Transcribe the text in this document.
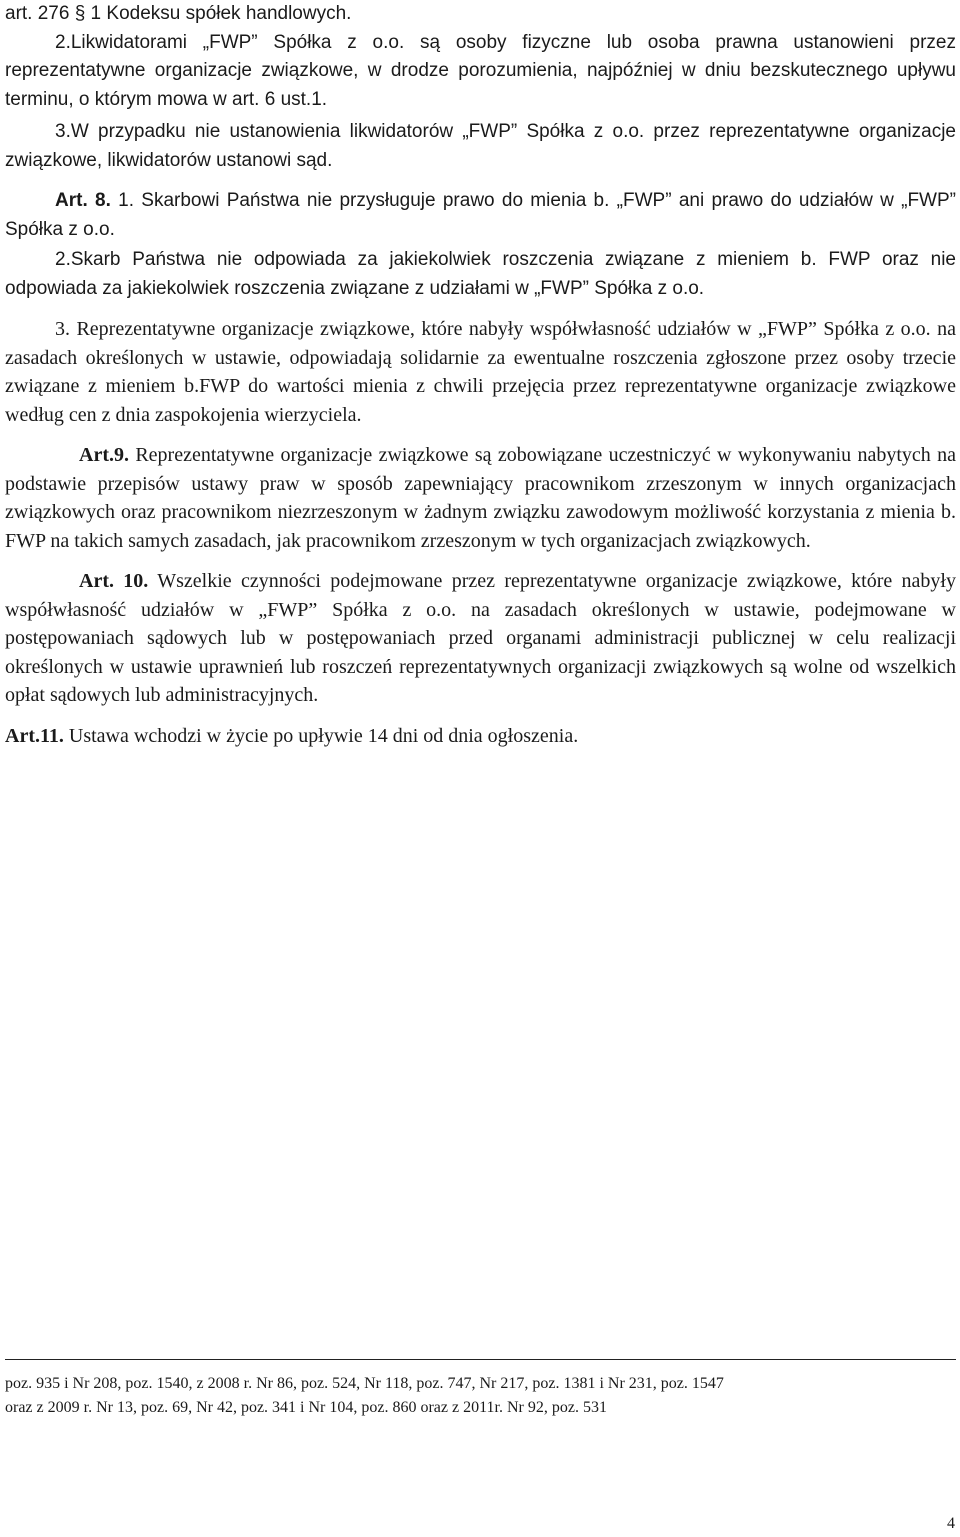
art. 276 § 1 Kodeksu spółek handlowych.

2.Likwidatorami „FWP” Spółka z o.o. są osoby fizyczne lub osoba prawna ustanowieni przez reprezentatywne organizacje związkowe, w drodze porozumienia, najpóźniej w dniu bezskutecznego upływu terminu, o którym mowa w art. 6 ust.1.

3.W przypadku nie ustanowienia likwidatorów „FWP” Spółka z o.o. przez reprezentatywne organizacje związkowe, likwidatorów ustanowi sąd.

Art. 8. 1. Skarbowi Państwa nie przysługuje prawo do mienia b. „FWP” ani prawo do udziałów w „FWP” Spółka z o.o.

2.Skarb Państwa nie odpowiada za jakiekolwiek roszczenia związane z mieniem b. FWP oraz nie odpowiada za jakiekolwiek roszczenia związane z udziałami w „FWP” Spółka z o.o.

3. Reprezentatywne organizacje związkowe, które nabyły współwłasność udziałów w „FWP” Spółka z o.o. na zasadach określonych w ustawie, odpowiadają solidarnie za ewentualne roszczenia zgłoszone przez osoby trzecie związane z mieniem b.FWP do wartości mienia z chwili przejęcia przez reprezentatywne organizacje związkowe według cen z dnia zaspokojenia wierzyciela.

Art.9. Reprezentatywne organizacje związkowe są zobowiązane uczestniczyć w wykonywaniu nabytych na podstawie przepisów ustawy praw w sposób zapewniający pracownikom zrzeszonym w innych organizacjach związkowych oraz pracownikom niezrzeszonym w żadnym związku zawodowym możliwość korzystania z mienia b. FWP na takich samych zasadach, jak pracownikom zrzeszonym w tych organizacjach związkowych.

Art. 10. Wszelkie czynności podejmowane przez reprezentatywne organizacje związkowe, które nabyły współwłasność udziałów w „FWP” Spółka z o.o. na zasadach określonych w ustawie, podejmowane w postępowaniach sądowych lub w postępowaniach przed organami administracji publicznej w celu realizacji określonych w ustawie uprawnień lub roszczeń reprezentatywnych organizacji związkowych są wolne od wszelkich opłat sądowych lub administracyjnych.

Art.11. Ustawa wchodzi w życie po upływie 14 dni od dnia ogłoszenia.

poz. 935 i Nr 208, poz. 1540, z 2008 r. Nr 86, poz. 524, Nr 118, poz. 747, Nr 217, poz. 1381 i Nr 231, poz. 1547
oraz z 2009 r. Nr 13, poz. 69, Nr 42, poz. 341 i Nr 104, poz. 860 oraz z 2011r. Nr 92, poz. 531
4
